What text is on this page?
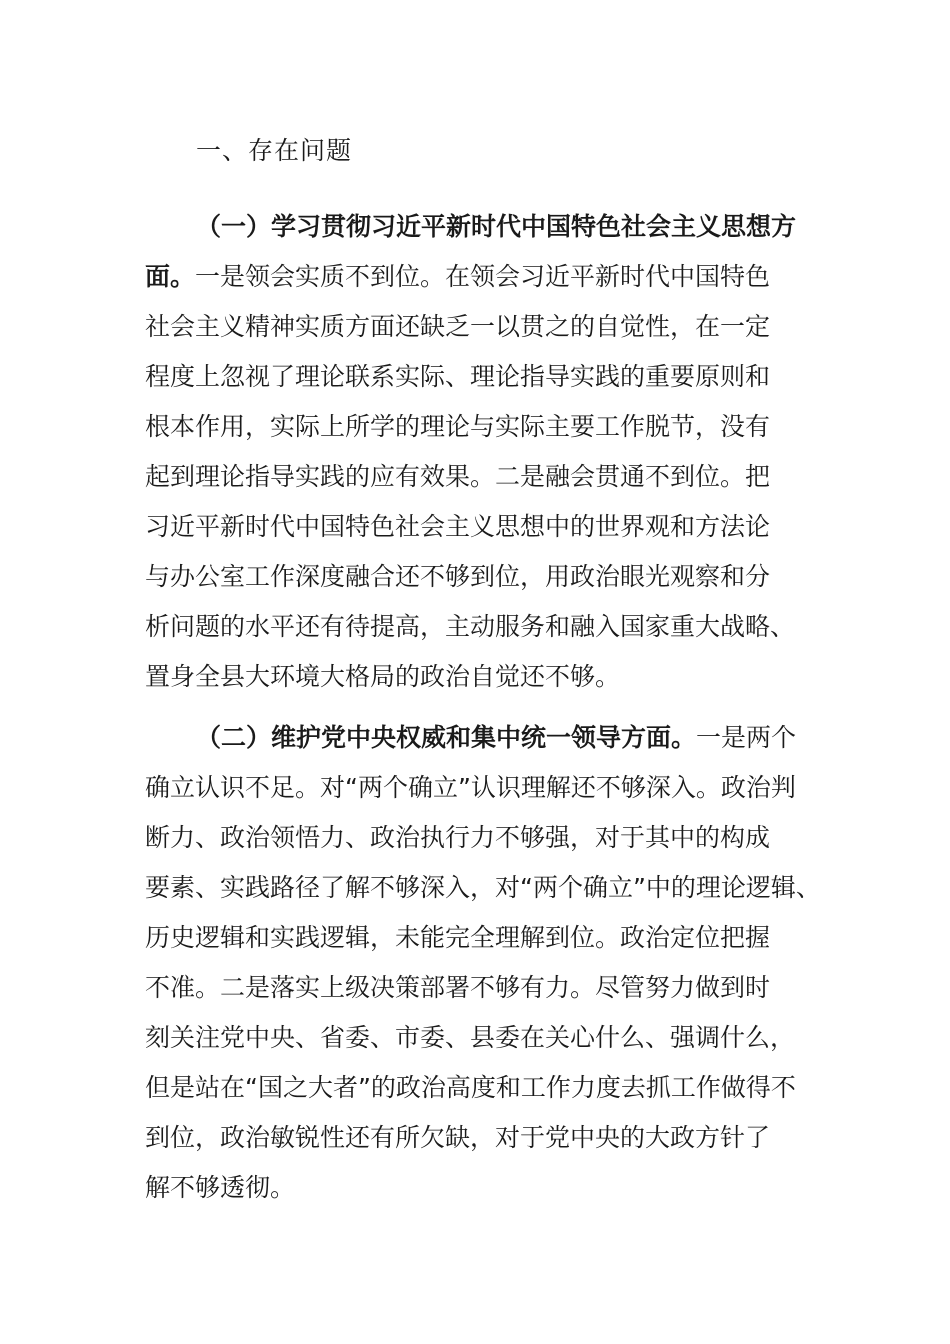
一、存在问题
（一）学习贯彻习近平新时代中国特色社会主义思想方
面。一是领会实质不到位。在领会习近平新时代中国特色
社会主义精神实质方面还缺乏一以贯之的自觉性，在一定
程度上忽视了理论联系实际、理论指导实践的重要原则和
根本作用，实际上所学的理论与实际主要工作脱节，没有
起到理论指导实践的应有效果。二是融会贯通不到位。把
习近平新时代中国特色社会主义思想中的世界观和方法论
与办公室工作深度融合还不够到位，用政治眼光观察和分
析问题的水平还有待提高，主动服务和融入国家重大战略、
置身全县大环境大格局的政治自觉还不够。
（二）维护党中央权威和集中统一领导方面。一是两个
确立认识不足。对“两个确立”认识理解还不够深入。政治判
断力、政治领悟力、政治执行力不够强，对于其中的构成
要素、实践路径了解不够深入，对“两个确立”中的理论逻辑、
历史逻辑和实践逻辑，未能完全理解到位。政治定位把握
不准。二是落实上级决策部署不够有力。尽管努力做到时
刻关注党中央、省委、市委、县委在关心什么、强调什么，
但是站在“国之大者”的政治高度和工作力度去抓工作做得不
到位，政治敏锐性还有所欠缺，对于党中央的大政方针了
解不够透彻。
